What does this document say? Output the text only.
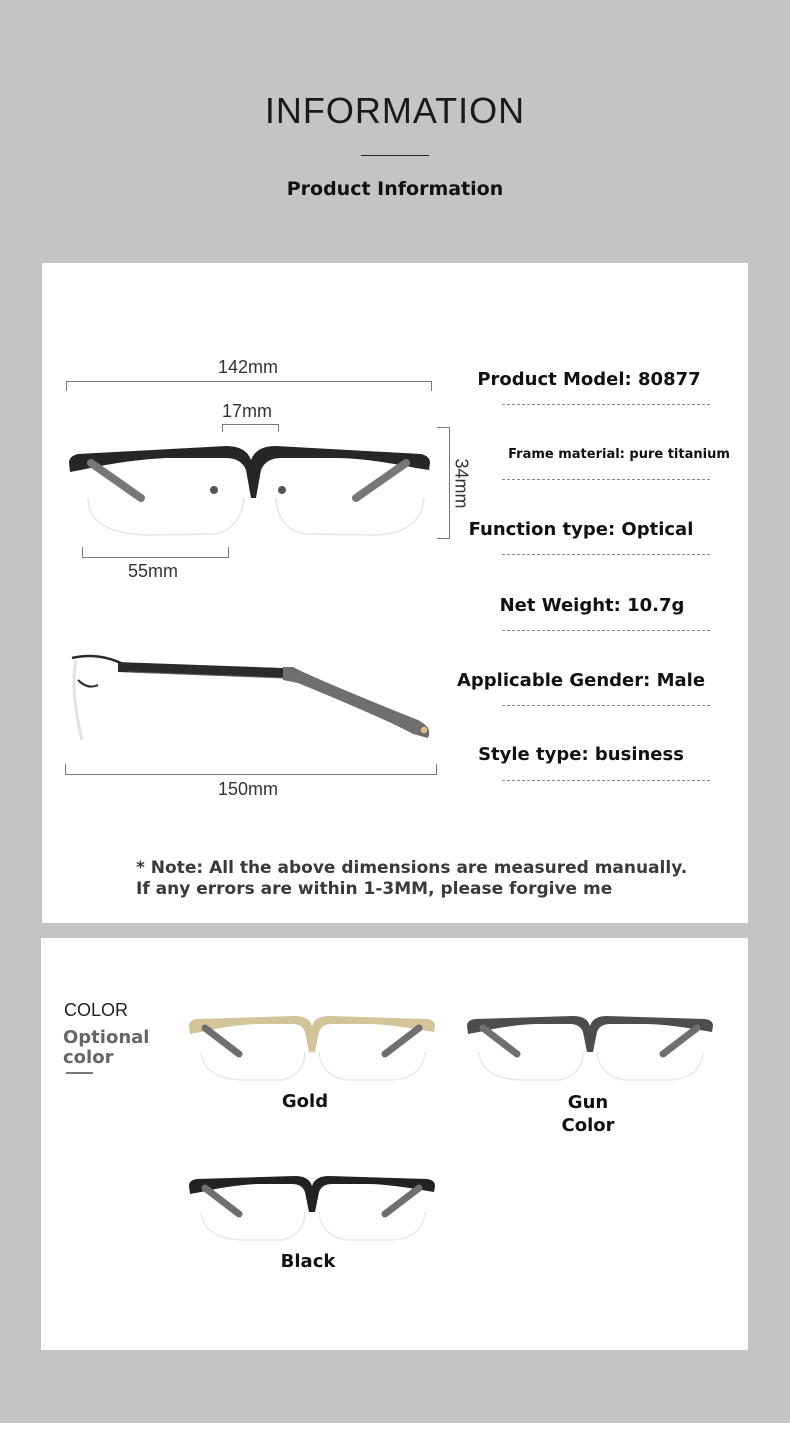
INFORMATION
Product Information
142mm
17mm
34mm
55mm
150mm
Product Model: 80877
Frame material: pure titanium
Function type: Optical
Net Weight: 10.7g
Applicable Gender: Male
Style type: business
* Note: All the above dimensions are measured manually. If any errors are within 1-3MM, please forgive me
COLOR
Optional color
Gold	Gun Color
Black
